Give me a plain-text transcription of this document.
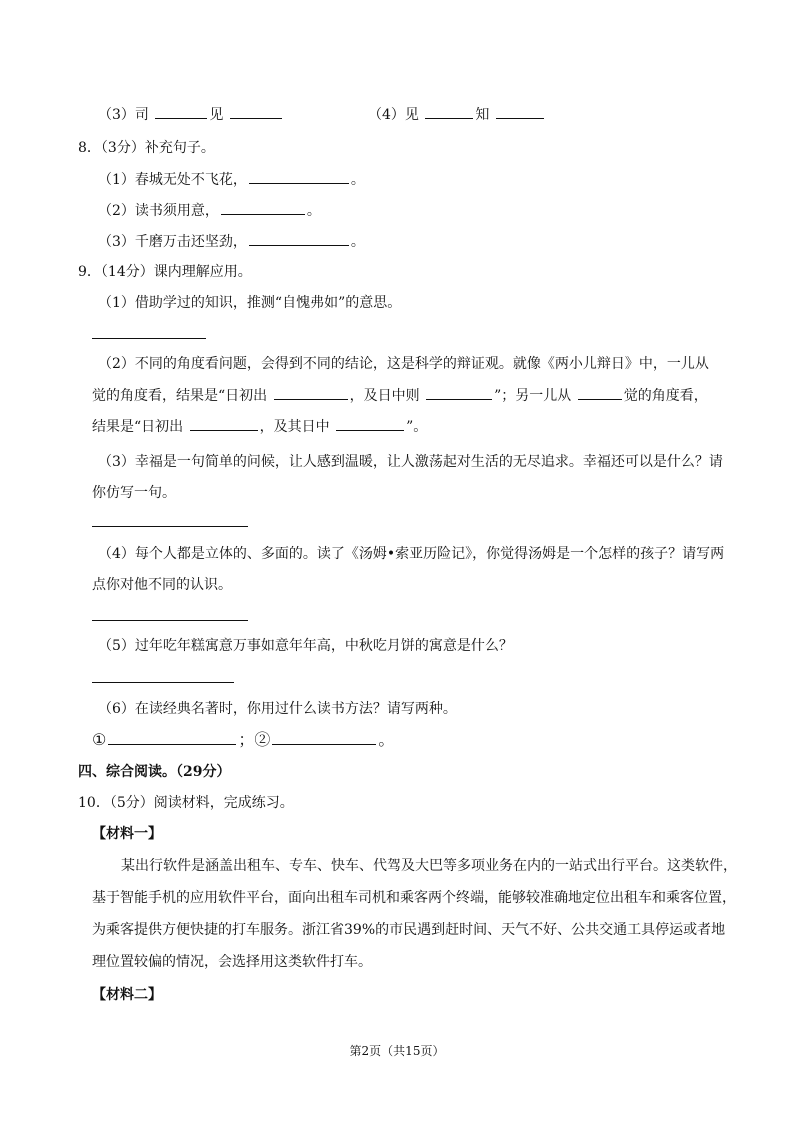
（3）司	见	（4）见	知
8．（3分）补充句子。
（1）春城无处不飞花，	。
（2）读书须用意，	。
（3）千磨万击还坚劲，	。
9．（14分）课内理解应用。
（1）借助学过的知识，推测“自愧弗如”的意思。
（2）不同的角度看问题，会得到不同的结论，这是科学的辩证观。就像《两小儿辩日》中，一儿从
觉的角度看，结果是“日初出	，及日中则	”；另一儿从	觉的角度看，
结果是“日初出	，及其日中	”。
（3）幸福是一句简单的问候，让人感到温暖，让人激荡起对生活的无尽追求。幸福还可以是什么？请
你仿写一句。
（4）每个人都是立体的、多面的。读了《汤姆•索亚历险记》，你觉得汤姆是一个怎样的孩子？请写两
点你对他不同的认识。
（5）过年吃年糕寓意万事如意年年高，中秋吃月饼的寓意是什么？
（6）在读经典名著时，你用过什么读书方法？请写两种。
①	；②	。
四、综合阅读。（29分）
10．（5分）阅读材料，完成练习。
【材料一】
某出行软件是涵盖出租车、专车、快车、代驾及大巴等多项业务在内的一站式出行平台。这类软件，
基于智能手机的应用软件平台，面向出租车司机和乘客两个终端，能够较准确地定位出租车和乘客位置，
为乘客提供方便快捷的打车服务。浙江省39%的市民遇到赶时间、天气不好、公共交通工具停运或者地
理位置较偏的情况，会选择用这类软件打车。
【材料二】
第2页（共15页）
